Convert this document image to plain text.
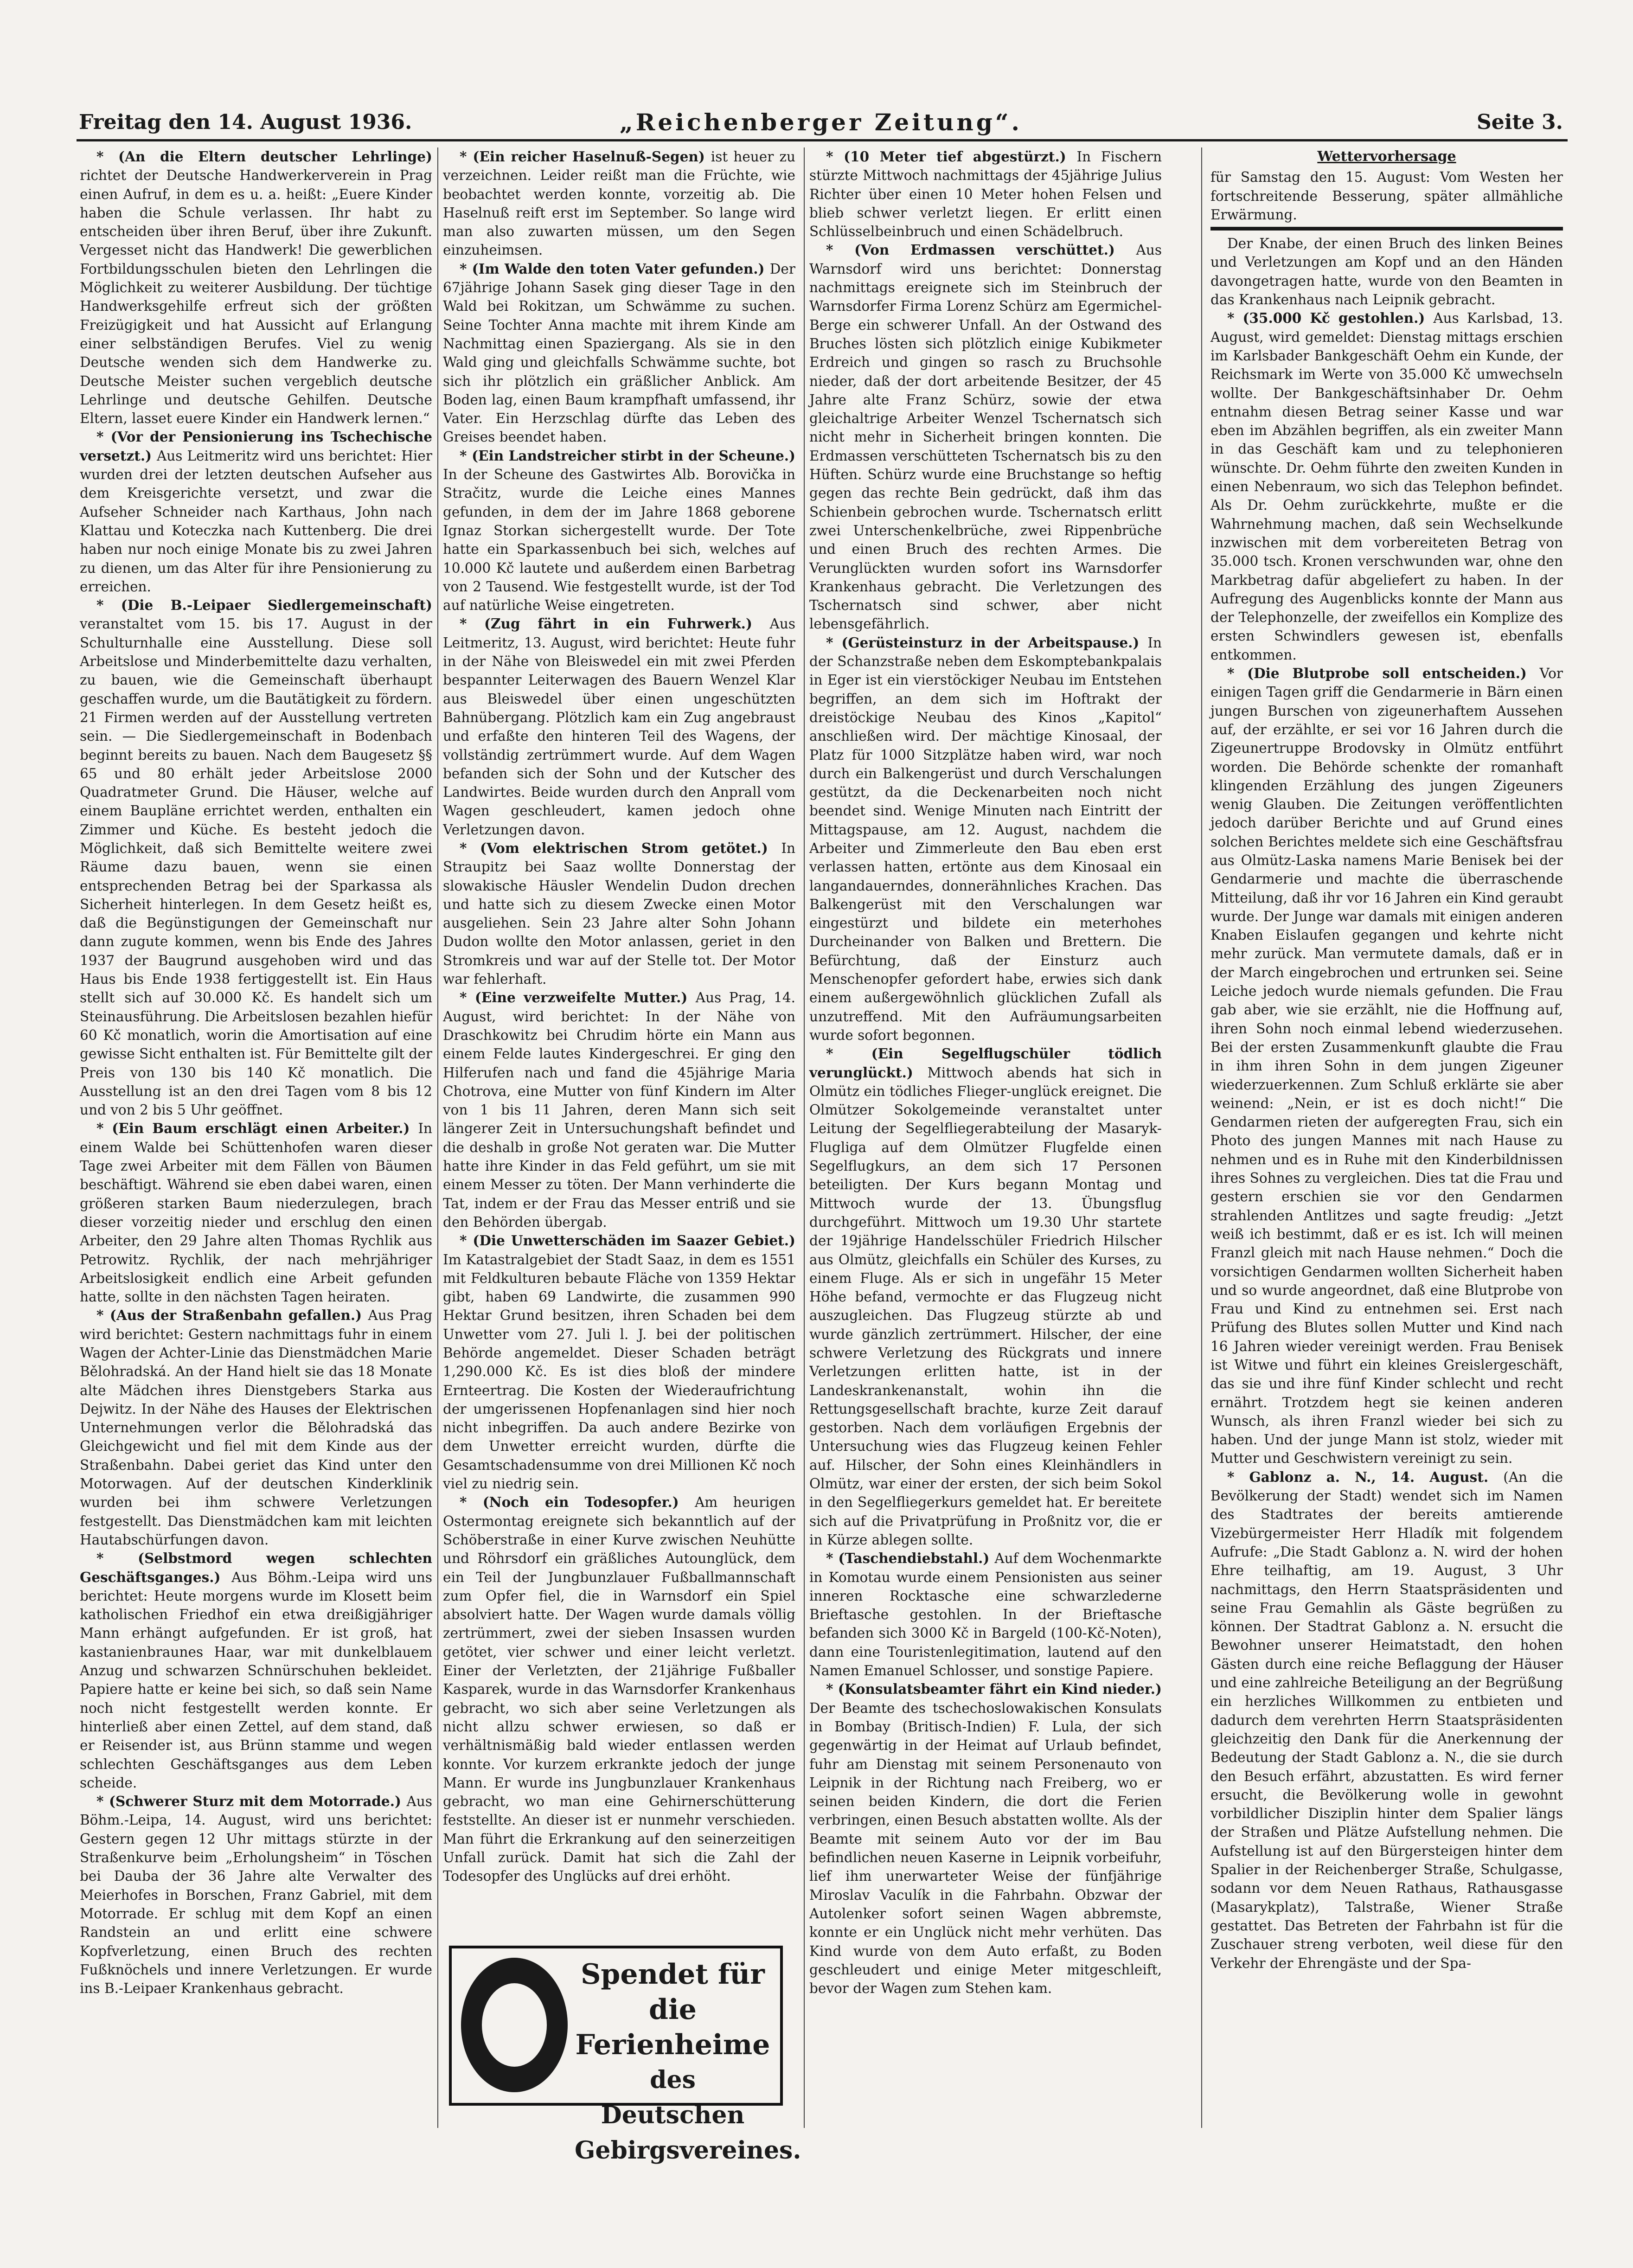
Freitag den 14. August 1936.	„Reichenberger Zeitung“.	Seite 3.

* (An die Eltern deutscher Lehrlinge) richtet der Deutsche Handwerkerverein in Prag einen Aufruf, in dem es u. a. heißt: „Euere Kinder haben die Schule verlassen. Ihr habt zu entscheiden über ihren Beruf, über ihre Zukunft. Vergesset nicht das Handwerk! Die gewerblichen Fortbildungsschulen bieten den Lehrlingen die Möglichkeit zu weiterer Ausbildung. Der tüchtige Handwerksgehilfe erfreut sich der größten Freizügigkeit und hat Aussicht auf Erlangung einer selbständigen Berufes. Viel zu wenig Deutsche wenden sich dem Handwerke zu. Deutsche Meister suchen vergeblich deutsche Lehrlinge und deutsche Gehilfen. Deutsche Eltern, lasset euere Kinder ein Handwerk lernen.“

* (Vor der Pensionierung ins Tschechische versetzt.) Aus Leitmeritz wird uns berichtet: Hier wurden drei der letzten deutschen Aufseher aus dem Kreisgerichte versetzt, und zwar die Aufseher Schneider nach Karthaus, John nach Klattau und Koteczka nach Kuttenberg. Die drei haben nur noch einige Monate bis zu zwei Jahren zu dienen, um das Alter für ihre Pensionierung zu erreichen.

* (Die B.-Leipaer Siedlergemeinschaft) veranstaltet vom 15. bis 17. August in der Schulturnhalle eine Ausstellung. Diese soll Arbeitslose und Minderbemittelte dazu verhalten, zu bauen, wie die Gemeinschaft überhaupt geschaffen wurde, um die Bautätigkeit zu fördern. 21 Firmen werden auf der Ausstellung vertreten sein. — Die Siedlergemeinschaft in Bodenbach beginnt bereits zu bauen. Nach dem Baugesetz §§ 65 und 80 erhält jeder Arbeitslose 2000 Quadratmeter Grund. Die Häuser, welche auf einem Baupläne errichtet werden, enthalten ein Zimmer und Küche. Es besteht jedoch die Möglichkeit, daß sich Bemittelte weitere zwei Räume dazu bauen, wenn sie einen entsprechenden Betrag bei der Sparkassa als Sicherheit hinterlegen. In dem Gesetz heißt es, daß die Begünstigungen der Gemeinschaft nur dann zugute kommen, wenn bis Ende des Jahres 1937 der Baugrund ausgehoben wird und das Haus bis Ende 1938 fertiggestellt ist. Ein Haus stellt sich auf 30.000 Kč. Es handelt sich um Steinausführung. Die Arbeitslosen bezahlen hiefür 60 Kč monatlich, worin die Amortisation auf eine gewisse Sicht enthalten ist. Für Bemittelte gilt der Preis von 130 bis 140 Kč monatlich. Die Ausstellung ist an den drei Tagen vom 8 bis 12 und von 2 bis 5 Uhr geöffnet.

* (Ein Baum erschlägt einen Arbeiter.) In einem Walde bei Schüttenhofen waren dieser Tage zwei Arbeiter mit dem Fällen von Bäumen beschäftigt. Während sie eben dabei waren, einen größeren starken Baum niederzulegen, brach dieser vorzeitig nieder und erschlug den einen Arbeiter, den 29 Jahre alten Thomas Rychlik aus Petrowitz. Rychlik, der nach mehrjähriger Arbeitslosigkeit endlich eine Arbeit gefunden hatte, sollte in den nächsten Tagen heiraten.

* (Aus der Straßenbahn gefallen.) Aus Prag wird berichtet: Gestern nachmittags fuhr in einem Wagen der Achter-Linie das Dienstmädchen Marie Bělohradská. An der Hand hielt sie das 18 Monate alte Mädchen ihres Dienstgebers Starka aus Dejwitz. In der Nähe des Hauses der Elektrischen Unternehmungen verlor die Bělohradská das Gleichgewicht und fiel mit dem Kinde aus der Straßenbahn. Dabei geriet das Kind unter den Motorwagen. Auf der deutschen Kinderklinik wurden bei ihm schwere Verletzungen festgestellt. Das Dienstmädchen kam mit leichten Hautabschürfungen davon.

* (Selbstmord wegen schlechten Geschäftsganges.) Aus Böhm.-Leipa wird uns berichtet: Heute morgens wurde im Klosett beim katholischen Friedhof ein etwa dreißigjähriger Mann erhängt aufgefunden. Er ist groß, hat kastanienbraunes Haar, war mit dunkelblauem Anzug und schwarzen Schnürschuhen bekleidet. Papiere hatte er keine bei sich, so daß sein Name noch nicht festgestellt werden konnte. Er hinterließ aber einen Zettel, auf dem stand, daß er Reisender ist, aus Brünn stamme und wegen schlechten Geschäftsganges aus dem Leben scheide.

* (Schwerer Sturz mit dem Motorrade.) Aus Böhm.-Leipa, 14. August, wird uns berichtet: Gestern gegen 12 Uhr mittags stürzte in der Straßenkurve beim „Erholungsheim“ in Töschen bei Dauba der 36 Jahre alte Verwalter des Meierhofes in Borschen, Franz Gabriel, mit dem Motorrade. Er schlug mit dem Kopf an einen Randstein an und erlitt eine schwere Kopfverletzung, einen Bruch des rechten Fußknöchels und innere Verletzungen. Er wurde ins B.-Leipaer Krankenhaus gebracht.

* (Ein reicher Haselnuß-Segen) ist heuer zu verzeichnen. Leider reißt man die Früchte, wie beobachtet werden konnte, vorzeitig ab. Die Haselnuß reift erst im September. So lange wird man also zuwarten müssen, um den Segen einzuheimsen.

* (Im Walde den toten Vater gefunden.) Der 67jährige Johann Sasek ging dieser Tage in den Wald bei Rokitzan, um Schwämme zu suchen. Seine Tochter Anna machte mit ihrem Kinde am Nachmittag einen Spaziergang. Als sie in den Wald ging und gleichfalls Schwämme suchte, bot sich ihr plötzlich ein gräßlicher Anblick. Am Boden lag, einen Baum krampfhaft umfassend, ihr Vater. Ein Herzschlag dürfte das Leben des Greises beendet haben.

* (Ein Landstreicher stirbt in der Scheune.) In der Scheune des Gastwirtes Alb. Borovička in Stračitz, wurde die Leiche eines Mannes gefunden, in dem der im Jahre 1868 geborene Ignaz Storkan sichergestellt wurde. Der Tote hatte ein Sparkassenbuch bei sich, welches auf 10.000 Kč lautete und außerdem einen Barbetrag von 2 Tausend. Wie festgestellt wurde, ist der Tod auf natürliche Weise eingetreten.

* (Zug fährt in ein Fuhrwerk.) Aus Leitmeritz, 13. August, wird berichtet: Heute fuhr in der Nähe von Bleiswedel ein mit zwei Pferden bespannter Leiterwagen des Bauern Wenzel Klar aus Bleiswedel über einen ungeschützten Bahnübergang. Plötzlich kam ein Zug angebraust und erfaßte den hinteren Teil des Wagens, der vollständig zertrümmert wurde. Auf dem Wagen befanden sich der Sohn und der Kutscher des Landwirtes. Beide wurden durch den Anprall vom Wagen geschleudert, kamen jedoch ohne Verletzungen davon.

* (Vom elektrischen Strom getötet.) In Straupitz bei Saaz wollte Donnerstag der slowakische Häusler Wendelin Dudon drechen und hatte sich zu diesem Zwecke einen Motor ausgeliehen. Sein 23 Jahre alter Sohn Johann Dudon wollte den Motor anlassen, geriet in den Stromkreis und war auf der Stelle tot. Der Motor war fehlerhaft.

* (Eine verzweifelte Mutter.) Aus Prag, 14. August, wird berichtet: In der Nähe von Draschkowitz bei Chrudim hörte ein Mann aus einem Felde lautes Kindergeschrei. Er ging den Hilferufen nach und fand die 45jährige Maria Chotrova, eine Mutter von fünf Kindern im Alter von 1 bis 11 Jahren, deren Mann sich seit längerer Zeit in Untersuchungshaft befindet und die deshalb in große Not geraten war. Die Mutter hatte ihre Kinder in das Feld geführt, um sie mit einem Messer zu töten. Der Mann verhinderte die Tat, indem er der Frau das Messer entriß und sie den Behörden übergab.

* (Die Unwetterschäden im Saazer Gebiet.) Im Katastralgebiet der Stadt Saaz, in dem es 1551 mit Feldkulturen bebaute Fläche von 1359 Hektar gibt, haben 69 Landwirte, die zusammen 990 Hektar Grund besitzen, ihren Schaden bei dem Unwetter vom 27. Juli l. J. bei der politischen Behörde angemeldet. Dieser Schaden beträgt 1,290.000 Kč. Es ist dies bloß der mindere Ernteertrag. Die Kosten der Wiederaufrichtung der umgerissenen Hopfenanlagen sind hier noch nicht inbegriffen. Da auch andere Bezirke von dem Unwetter erreicht wurden, dürfte die Gesamtschadensumme von drei Millionen Kč noch viel zu niedrig sein.

* (Noch ein Todesopfer.) Am heurigen Ostermontag ereignete sich bekanntlich auf der Schöberstraße in einer Kurve zwischen Neuhütte und Röhrsdorf ein gräßliches Autounglück, dem ein Teil der Jungbunzlauer Fußballmannschaft zum Opfer fiel, die in Warnsdorf ein Spiel absolviert hatte. Der Wagen wurde damals völlig zertrümmert, zwei der sieben Insassen wurden getötet, vier schwer und einer leicht verletzt. Einer der Verletzten, der 21jährige Fußballer Kasparek, wurde in das Warnsdorfer Krankenhaus gebracht, wo sich aber seine Verletzungen als nicht allzu schwer erwiesen, so daß er verhältnismäßig bald wieder entlassen werden konnte. Vor kurzem erkrankte jedoch der junge Mann. Er wurde ins Jungbunzlauer Krankenhaus gebracht, wo man eine Gehirnerschütterung feststellte. An dieser ist er nunmehr verschieden. Man führt die Erkrankung auf den seinerzeitigen Unfall zurück. Damit hat sich die Zahl der Todesopfer des Unglücks auf drei erhöht.

* (10 Meter tief abgestürzt.) In Fischern stürzte Mittwoch nachmittags der 45jährige Julius Richter über einen 10 Meter hohen Felsen und blieb schwer verletzt liegen. Er erlitt einen Schlüsselbeinbruch und einen Schädelbruch.

* (Von Erdmassen verschüttet.) Aus Warnsdorf wird uns berichtet: Donnerstag nachmittags ereignete sich im Steinbruch der Warnsdorfer Firma Lorenz Schürz am Egermichel-Berge ein schwerer Unfall. An der Ostwand des Bruches lösten sich plötzlich einige Kubikmeter Erdreich und gingen so rasch zu Bruchsohle nieder, daß der dort arbeitende Besitzer, der 45 Jahre alte Franz Schürz, sowie der etwa gleichaltrige Arbeiter Wenzel Tschernatsch sich nicht mehr in Sicherheit bringen konnten. Die Erdmassen verschütteten Tschernatsch bis zu den Hüften. Schürz wurde eine Bruchstange so heftig gegen das rechte Bein gedrückt, daß ihm das Schienbein gebrochen wurde. Tschernatsch erlitt zwei Unterschenkelbrüche, zwei Rippenbrüche und einen Bruch des rechten Armes. Die Verunglückten wurden sofort ins Warnsdorfer Krankenhaus gebracht. Die Verletzungen des Tschernatsch sind schwer, aber nicht lebensgefährlich.

* (Gerüsteinsturz in der Arbeitspause.) In der Schanzstraße neben dem Eskomptebankpalais in Eger ist ein vierstöckiger Neubau im Entstehen begriffen, an dem sich im Hoftrakt der dreistöckige Neubau des Kinos „Kapitol“ anschließen wird. Der mächtige Kinosaal, der Platz für 1000 Sitzplätze haben wird, war noch durch ein Balkengerüst und durch Verschalungen gestützt, da die Deckenarbeiten noch nicht beendet sind. Wenige Minuten nach Eintritt der Mittagspause, am 12. August, nachdem die Arbeiter und Zimmerleute den Bau eben erst verlassen hatten, ertönte aus dem Kinosaal ein langandauerndes, donnerähnliches Krachen. Das Balkengerüst mit den Verschalungen war eingestürzt und bildete ein meterhohes Durcheinander von Balken und Brettern. Die Befürchtung, daß der Einsturz auch Menschenopfer gefordert habe, erwies sich dank einem außergewöhnlich glücklichen Zufall als unzutreffend. Mit den Aufräumungsarbeiten wurde sofort begonnen.

* (Ein Segelflugschüler tödlich verunglückt.) Mittwoch abends hat sich in Olmütz ein tödliches Flieger-unglück ereignet. Die Olmützer Sokolgemeinde veranstaltet unter Leitung der Segelfliegerabteilung der Masaryk-Flugliga auf dem Olmützer Flugfelde einen Segelflugkurs, an dem sich 17 Personen beteiligten. Der Kurs begann Montag und Mittwoch wurde der 13. Übungsflug durchgeführt. Mittwoch um 19.30 Uhr startete der 19jährige Handelsschüler Friedrich Hilscher aus Olmütz, gleichfalls ein Schüler des Kurses, zu einem Fluge. Als er sich in ungefähr 15 Meter Höhe befand, vermochte er das Flugzeug nicht auszugleichen. Das Flugzeug stürzte ab und wurde gänzlich zertrümmert. Hilscher, der eine schwere Verletzung des Rückgrats und innere Verletzungen erlitten hatte, ist in der Landeskrankenanstalt, wohin ihn die Rettungsgesellschaft brachte, kurze Zeit darauf gestorben. Nach dem vorläufigen Ergebnis der Untersuchung wies das Flugzeug keinen Fehler auf. Hilscher, der Sohn eines Kleinhändlers in Olmütz, war einer der ersten, der sich beim Sokol in den Segelfliegerkurs gemeldet hat. Er bereitete sich auf die Privatprüfung in Proßnitz vor, die er in Kürze ablegen sollte.

* (Taschendiebstahl.) Auf dem Wochenmarkte in Komotau wurde einem Pensionisten aus seiner inneren Rocktasche eine schwarzlederne Brieftasche gestohlen. In der Brieftasche befanden sich 3000 Kč in Bargeld (100-Kč-Noten), dann eine Touristenlegitimation, lautend auf den Namen Emanuel Schlosser, und sonstige Papiere.

* (Konsulatsbeamter fährt ein Kind nieder.) Der Beamte des tschechoslowakischen Konsulats in Bombay (Britisch-Indien) F. Lula, der sich gegenwärtig in der Heimat auf Urlaub befindet, fuhr am Dienstag mit seinem Personenauto von Leipnik in der Richtung nach Freiberg, wo er seinen beiden Kindern, die dort die Ferien verbringen, einen Besuch abstatten wollte. Als der Beamte mit seinem Auto vor der im Bau befindlichen neuen Kaserne in Leipnik vorbeifuhr, lief ihm unerwarteter Weise der fünfjährige Miroslav Vaculík in die Fahrbahn. Obzwar der Autolenker sofort seinen Wagen abbremste, konnte er ein Unglück nicht mehr verhüten. Das Kind wurde von dem Auto erfaßt, zu Boden geschleudert und einige Meter mitgeschleift, bevor der Wagen zum Stehen kam.

Wettervorhersage

für Samstag den 15. August: Vom Westen her fortschreitende Besserung, später allmähliche Erwärmung.

Der Knabe, der einen Bruch des linken Beines und Verletzungen am Kopf und an den Händen davongetragen hatte, wurde von den Beamten in das Krankenhaus nach Leipnik gebracht.

* (35.000 Kč gestohlen.) Aus Karlsbad, 13. August, wird gemeldet: Dienstag mittags erschien im Karlsbader Bankgeschäft Oehm ein Kunde, der Reichsmark im Werte von 35.000 Kč umwechseln wollte. Der Bankgeschäftsinhaber Dr. Oehm entnahm diesen Betrag seiner Kasse und war eben im Abzählen begriffen, als ein zweiter Mann in das Geschäft kam und zu telephonieren wünschte. Dr. Oehm führte den zweiten Kunden in einen Nebenraum, wo sich das Telephon befindet. Als Dr. Oehm zurückkehrte, mußte er die Wahrnehmung machen, daß sein Wechselkunde inzwischen mit dem vorbereiteten Betrag von 35.000 tsch. Kronen verschwunden war, ohne den Markbetrag dafür abgeliefert zu haben. In der Aufregung des Augenblicks konnte der Mann aus der Telephonzelle, der zweifellos ein Komplize des ersten Schwindlers gewesen ist, ebenfalls entkommen.

* (Die Blutprobe soll entscheiden.) Vor einigen Tagen griff die Gendarmerie in Bärn einen jungen Burschen von zigeunerhaftem Aussehen auf, der erzählte, er sei vor 16 Jahren durch die Zigeunertruppe Brodovsky in Olmütz entführt worden. Die Behörde schenkte der romanhaft klingenden Erzählung des jungen Zigeuners wenig Glauben. Die Zeitungen veröffentlichten jedoch darüber Berichte und auf Grund eines solchen Berichtes meldete sich eine Geschäftsfrau aus Olmütz-Laska namens Marie Benisek bei der Gendarmerie und machte die überraschende Mitteilung, daß ihr vor 16 Jahren ein Kind geraubt wurde. Der Junge war damals mit einigen anderen Knaben Eislaufen gegangen und kehrte nicht mehr zurück. Man vermutete damals, daß er in der March eingebrochen und ertrunken sei. Seine Leiche jedoch wurde niemals gefunden. Die Frau gab aber, wie sie erzählt, nie die Hoffnung auf, ihren Sohn noch einmal lebend wiederzusehen. Bei der ersten Zusammenkunft glaubte die Frau in ihm ihren Sohn in dem jungen Zigeuner wiederzuerkennen. Zum Schluß erklärte sie aber weinend: „Nein, er ist es doch nicht!“ Die Gendarmen rieten der aufgeregten Frau, sich ein Photo des jungen Mannes mit nach Hause zu nehmen und es in Ruhe mit den Kinderbildnissen ihres Sohnes zu vergleichen. Dies tat die Frau und gestern erschien sie vor den Gendarmen strahlenden Antlitzes und sagte freudig: „Jetzt weiß ich bestimmt, daß er es ist. Ich will meinen Franzl gleich mit nach Hause nehmen.“ Doch die vorsichtigen Gendarmen wollten Sicherheit haben und so wurde angeordnet, daß eine Blutprobe von Frau und Kind zu entnehmen sei. Erst nach Prüfung des Blutes sollen Mutter und Kind nach 16 Jahren wieder vereinigt werden. Frau Benisek ist Witwe und führt ein kleines Greislergeschäft, das sie und ihre fünf Kinder schlecht und recht ernährt. Trotzdem hegt sie keinen anderen Wunsch, als ihren Franzl wieder bei sich zu haben. Und der junge Mann ist stolz, wieder mit Mutter und Geschwistern vereinigt zu sein.

* Gablonz a. N., 14. August. (An die Bevölkerung der Stadt) wendet sich im Namen des Stadtrates der bereits amtierende Vizebürgermeister Herr Hladík mit folgendem Aufrufe: „Die Stadt Gablonz a. N. wird der hohen Ehre teilhaftig, am 19. August, 3 Uhr nachmittags, den Herrn Staatspräsidenten und seine Frau Gemahlin als Gäste begrüßen zu können. Der Stadtrat Gablonz a. N. ersucht die Bewohner unserer Heimatstadt, den hohen Gästen durch eine reiche Beflaggung der Häuser und eine zahlreiche Beteiligung an der Begrüßung ein herzliches Willkommen zu entbieten und dadurch dem verehrten Herrn Staatspräsidenten gleichzeitig den Dank für die Anerkennung der Bedeutung der Stadt Gablonz a. N., die sie durch den Besuch erfährt, abzustatten. Es wird ferner ersucht, die Bevölkerung wolle in gewohnt vorbildlicher Disziplin hinter dem Spalier längs der Straßen und Plätze Aufstellung nehmen. Die Aufstellung ist auf den Bürgersteigen hinter dem Spalier in der Reichenberger Straße, Schulgasse, sodann vor dem Neuen Rathaus, Rathausgasse (Masarykplatz), Talstraße, Wiener Straße gestattet. Das Betreten der Fahrbahn ist für die Zuschauer streng verboten, weil diese für den Verkehr der Ehrengäste und der Spa-

Spendet für die
Ferienheime
des Deutschen
Gebirgsvereines.
